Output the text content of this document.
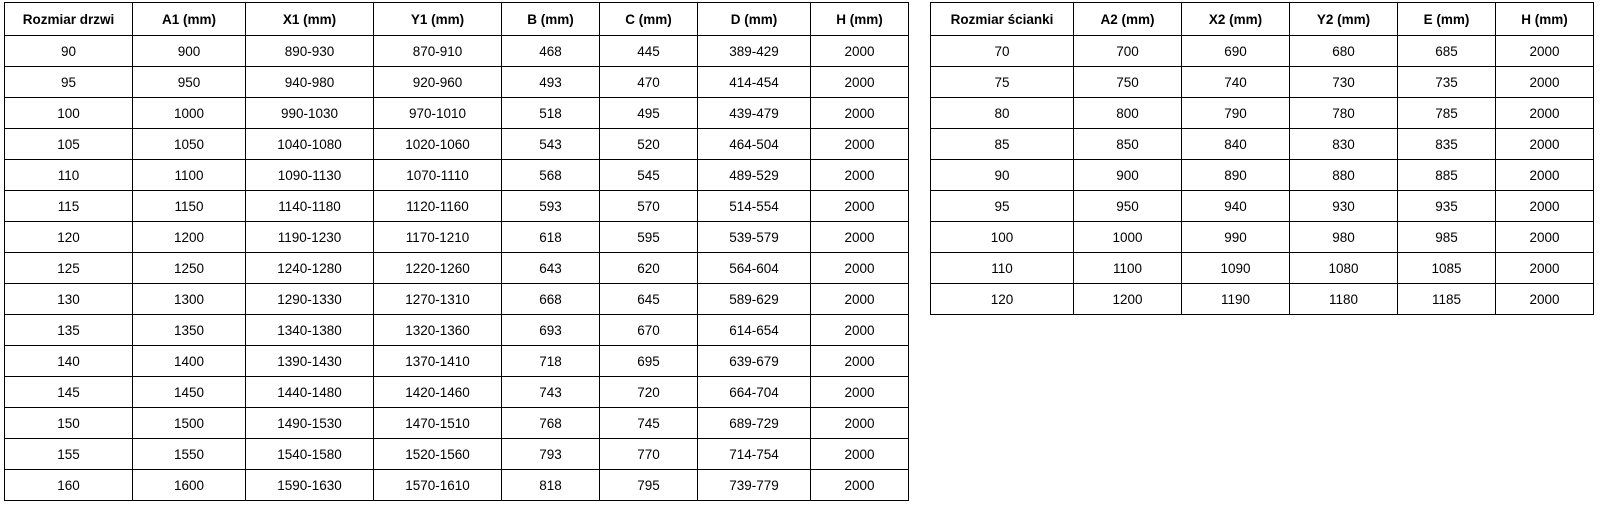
Rozmiar drzwi	A1 (mm)	X1 (mm)	Y1 (mm)	B (mm)	C (mm)	D (mm)	H (mm)
90	900	890-930	870-910	468	445	389-429	2000
95	950	940-980	920-960	493	470	414-454	2000
100	1000	990-1030	970-1010	518	495	439-479	2000
105	1050	1040-1080	1020-1060	543	520	464-504	2000
110	1100	1090-1130	1070-1110	568	545	489-529	2000
115	1150	1140-1180	1120-1160	593	570	514-554	2000
120	1200	1190-1230	1170-1210	618	595	539-579	2000
125	1250	1240-1280	1220-1260	643	620	564-604	2000
130	1300	1290-1330	1270-1310	668	645	589-629	2000
135	1350	1340-1380	1320-1360	693	670	614-654	2000
140	1400	1390-1430	1370-1410	718	695	639-679	2000
145	1450	1440-1480	1420-1460	743	720	664-704	2000
150	1500	1490-1530	1470-1510	768	745	689-729	2000
155	1550	1540-1580	1520-1560	793	770	714-754	2000
160	1600	1590-1630	1570-1610	818	795	739-779	2000
Rozmiar ścianki	A2 (mm)	X2 (mm)	Y2 (mm)	E (mm)	H (mm)
70	700	690	680	685	2000
75	750	740	730	735	2000
80	800	790	780	785	2000
85	850	840	830	835	2000
90	900	890	880	885	2000
95	950	940	930	935	2000
100	1000	990	980	985	2000
110	1100	1090	1080	1085	2000
120	1200	1190	1180	1185	2000
